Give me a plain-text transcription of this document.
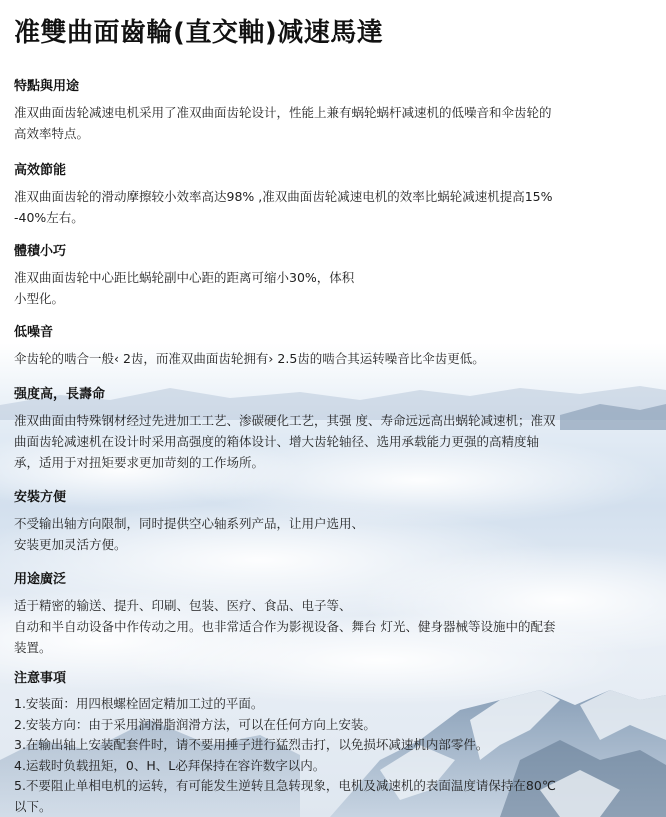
准雙曲面齒輪(直交軸)减速馬達
特點與用途

准双曲面齿轮减速电机采用了准双曲面齿轮设计，性能上兼有蜗轮蜗杆减速机的低噪音和伞齿轮的
高效率特点。

高效節能

准双曲面齿轮的滑动摩擦较小效率高达98% ,准双曲面齿轮减速电机的效率比蜗轮减速机提高15%
-40%左右。

體積小巧

准双曲面齿轮中心距比蜗轮副中心距的距离可缩小30%，体积
小型化。

低噪音

伞齿轮的啮合一般‹ 2齿，而准双曲面齿轮拥有› 2.5齿的啮合其运转噪音比伞齿更低。

强度高，長壽命

准双曲面由特殊钢材经过先进加工工艺、渗碳硬化工艺，其强 度、寿命远远高出蜗轮减速机；准双
曲面齿轮减速机在设计时采用高强度的箱体设计、增大齿轮轴径、选用承载能力更强的高精度轴
承，适用于对扭矩要求更加苛刻的工作场所。

安裝方便

不受输出轴方向限制，同时提供空心轴系列产品，让用户选用、
安装更加灵活方便。

用途廣泛

适于精密的输送、提升、印刷、包装、医疗、食品、电子等、
自动和半自动设备中作传动之用。也非常适合作为影视设备、舞台 灯光、健身器械等设施中的配套
装置。

注意事項
1.安装面：用四根螺栓固定精加工过的平面。
2.安装方向：由于采用润滑脂润滑方法，可以在任何方向上安装。
3.在输出轴上安装配套件时，请不要用捶子进行猛烈击打，以免损坏减速机内部零件。
4.运载时负载扭矩，0、H、L必拜保持在容许数字以内。
5.不要阻止单相电机的运转，有可能发生逆转且急转现象，电机及减速机的表面温度请保持在80℃
以下。
